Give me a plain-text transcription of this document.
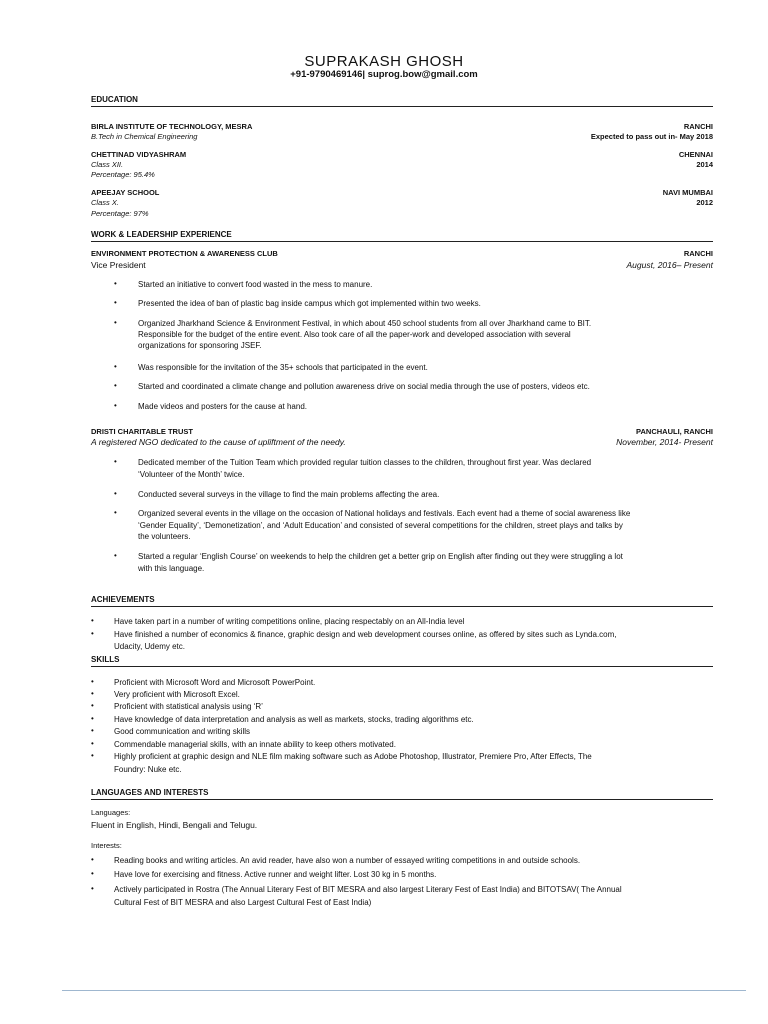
SUPRAKASH GHOSH
+91-9790469146| suprog.bow@gmail.com
EDUCATION
BIRLA INSTITUTE OF TECHNOLOGY, MESRA	RANCHI
B.Tech in Chemical Engineering	Expected to pass out in- May 2018
CHETTINAD VIDYASHRAM	CHENNAI
Class XII.	2014
Percentage: 95.4%
APEEJAY SCHOOL	NAVI MUMBAI
Class X.	2012
Percentage: 97%
WORK & LEADERSHIP EXPERIENCE
ENVIRONMENT PROTECTION & AWARENESS CLUB	RANCHI
Vice President	August, 2016– Present
•	Started an initiative to convert food wasted in the mess to manure.
•	Presented the idea of ban of plastic bag inside campus which got implemented within two weeks.
•	Organized Jharkhand Science & Environment Festival, in which about 450 school students from all over Jharkhand came to BIT.
Responsible for the budget of the entire event. Also took care of all the paper-work and developed association with several
organizations for sponsoring JSEF.
•	Was responsible for the invitation of the 35+ schools that participated in the event.
•	Started and coordinated a climate change and pollution awareness drive on social media through the use of posters, videos etc.
•	Made videos and posters for the cause at hand.
DRISTI CHARITABLE TRUST	PANCHAULI, RANCHI
A registered NGO dedicated to the cause of upliftment of the needy.	November, 2014- Present
•	Dedicated member of the Tuition Team which provided regular tuition classes to the children, throughout first year. Was declared
‘Volunteer of the Month’ twice.
•	Conducted several surveys in the village to find the main problems affecting the area.
•	Organized several events in the village on the occasion of National holidays and festivals. Each event had a theme of social awareness like
‘Gender Equality’, ‘Demonetization’, and ‘Adult Education’ and consisted of several competitions for the children, street plays and talks by
the volunteers.
•	Started a regular ‘English Course’ on weekends to help the children get a better grip on English after finding out they were struggling a lot
with this language.
ACHIEVEMENTS
•	Have taken part in a number of writing competitions online, placing respectably on an All-India level
•	Have finished a number of economics & finance, graphic design and web development courses online, as offered by sites such as Lynda.com,
Udacity, Udemy etc.
SKILLS
•	Proficient with Microsoft Word and Microsoft PowerPoint.
•	Very proficient with Microsoft Excel.
•	Proficient with statistical analysis using ‘R’
•	Have knowledge of data interpretation and analysis as well as markets, stocks, trading algorithms etc.
•	Good communication and writing skills
•	Commendable managerial skills, with an innate ability to keep others motivated.
•	Highly proficient at graphic design and NLE film making software such as Adobe Photoshop, Illustrator, Premiere Pro, After Effects, The
Foundry: Nuke etc.
LANGUAGES AND INTERESTS
Languages:
Fluent in English, Hindi, Bengali and Telugu.
Interests:
•	Reading books and writing articles. An avid reader, have also won a number of essayed writing competitions in and outside schools.
•	Have love for exercising and fitness. Active runner and weight lifter. Lost 30 kg in 5 months.
•	Actively participated in Rostra (The Annual Literary Fest of BIT MESRA and also largest Literary Fest of East India) and BITOTSAV( The Annual
Cultural Fest of BIT MESRA and also Largest Cultural Fest of East India)
